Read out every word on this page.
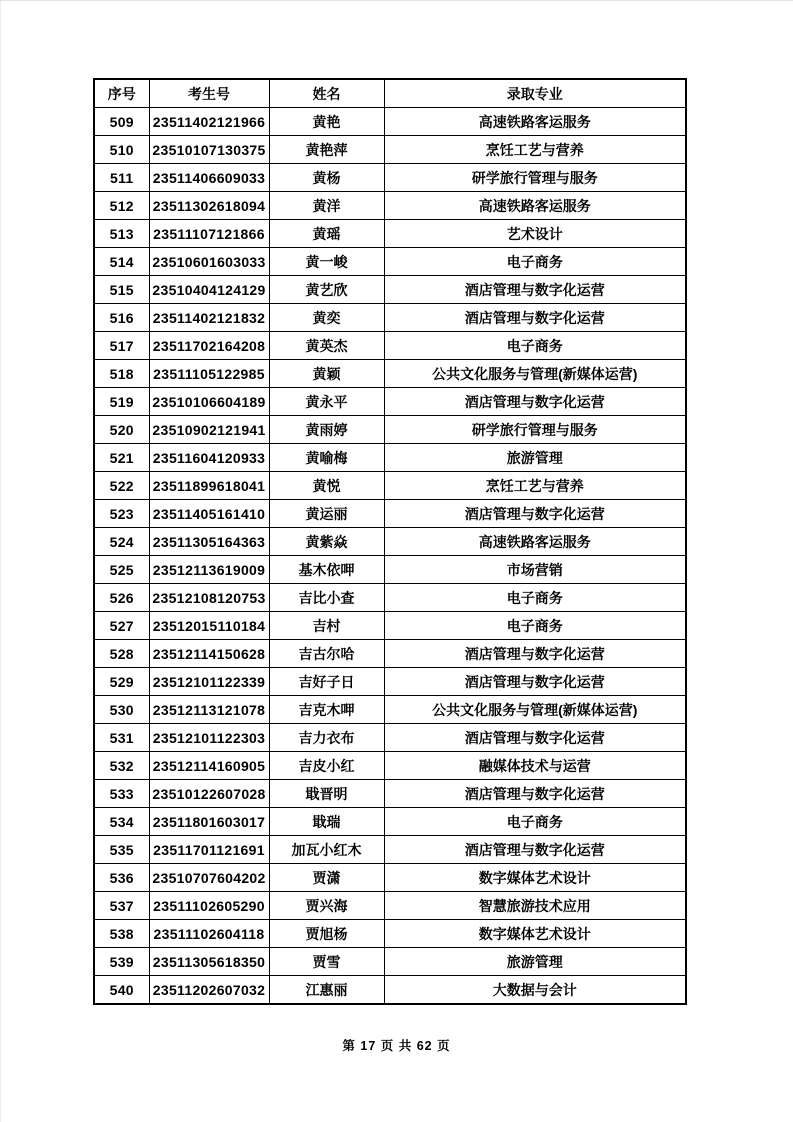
序号	考生号	姓名	录取专业
509	23511402121966	黄艳	高速铁路客运服务
510	23510107130375	黄艳萍	烹饪工艺与营养
511	23511406609033	黄杨	研学旅行管理与服务
512	23511302618094	黄洋	高速铁路客运服务
513	23511107121866	黄瑶	艺术设计
514	23510601603033	黄一峻	电子商务
515	23510404124129	黄艺欣	酒店管理与数字化运营
516	23511402121832	黄奕	酒店管理与数字化运营
517	23511702164208	黄英杰	电子商务
518	23511105122985	黄颖	公共文化服务与管理(新媒体运营)
519	23510106604189	黄永平	酒店管理与数字化运营
520	23510902121941	黄雨婷	研学旅行管理与服务
521	23511604120933	黄喻梅	旅游管理
522	23511899618041	黄悦	烹饪工艺与营养
523	23511405161410	黄运丽	酒店管理与数字化运营
524	23511305164363	黄紫焱	高速铁路客运服务
525	23512113619009	基木依呷	市场营销
526	23512108120753	吉比小查	电子商务
527	23512015110184	吉村	电子商务
528	23512114150628	吉古尔哈	酒店管理与数字化运营
529	23512101122339	吉好子日	酒店管理与数字化运营
530	23512113121078	吉克木呷	公共文化服务与管理(新媒体运营)
531	23512101122303	吉力衣布	酒店管理与数字化运营
532	23512114160905	吉皮小红	融媒体技术与运营
533	23510122607028	戢晋明	酒店管理与数字化运营
534	23511801603017	戢瑞	电子商务
535	23511701121691	加瓦小红木	酒店管理与数字化运营
536	23510707604202	贾潇	数字媒体艺术设计
537	23511102605290	贾兴海	智慧旅游技术应用
538	23511102604118	贾旭杨	数字媒体艺术设计
539	23511305618350	贾雪	旅游管理
540	23511202607032	江惠丽	大数据与会计
第 17 页 共 62 页
